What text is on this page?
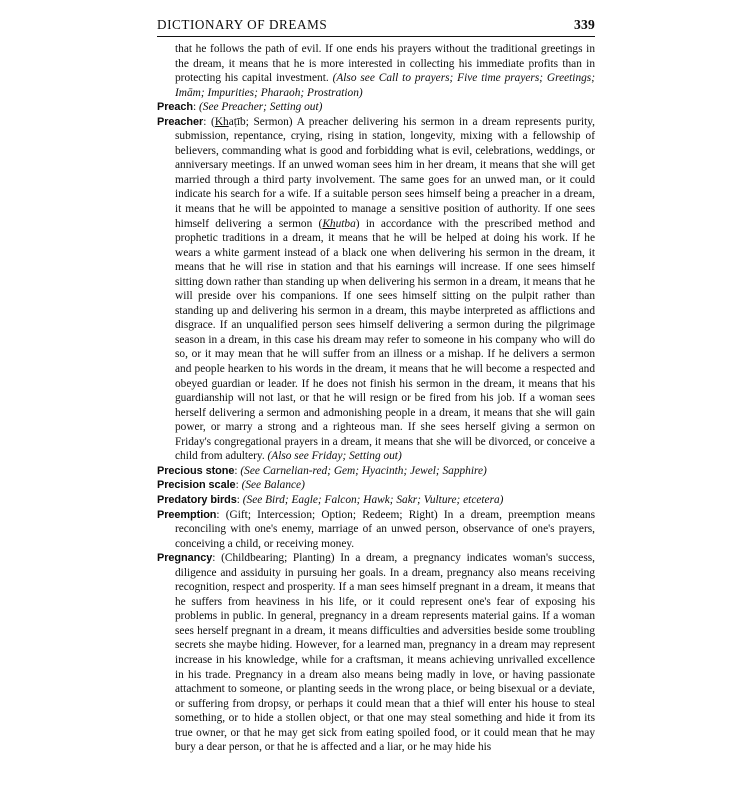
DICTIONARY OF DREAMS	339

that he follows the path of evil. If one ends his prayers without the traditional greetings in the dream, it means that he is more interested in collecting his immediate profits than in protecting his capital investment. (Also see Call to prayers; Five time prayers; Greetings; Imām; Impurities; Pharaoh; Prostration)

Preach: (See Preacher; Setting out)

Preacher: (Khaṭīb; Sermon) A preacher delivering his sermon in a dream represents purity, submission, repentance, crying, rising in station, longevity, mixing with a fellowship of believers, commanding what is good and forbidding what is evil, celebrations, weddings, or anniversary meetings. If an unwed woman sees him in her dream, it means that she will get married through a third party involvement. The same goes for an unwed man, or it could indicate his search for a wife. If a suitable person sees himself being a preacher in a dream, it means that he will be appointed to manage a sensitive position of authority. If one sees himself delivering a sermon (Khutba) in accordance with the prescribed method and prophetic traditions in a dream, it means that he will be helped at doing his work. If he wears a white garment instead of a black one when delivering his sermon in the dream, it means that he will rise in station and that his earnings will increase. If one sees himself sitting down rather than standing up when delivering his sermon in a dream, it means that he will preside over his companions. If one sees himself sitting on the pulpit rather than standing up and delivering his sermon in a dream, this maybe interpreted as afflictions and disgrace. If an unqualified person sees himself delivering a sermon during the pilgrimage season in a dream, in this case his dream may refer to someone in his company who will do so, or it may mean that he will suffer from an illness or a mishap. If he delivers a sermon and people hearken to his words in the dream, it means that he will become a respected and obeyed guardian or leader. If he does not finish his sermon in the dream, it means that his guardianship will not last, or that he will resign or be fired from his job. If a woman sees herself delivering a sermon and admonishing people in a dream, it means that she will gain power, or marry a strong and a righteous man. If she sees herself giving a sermon on Friday's congregational prayers in a dream, it means that she will be divorced, or conceive a child from adultery. (Also see Friday; Setting out)

Precious stone: (See Carnelian-red; Gem; Hyacinth; Jewel; Sapphire)

Precision scale: (See Balance)

Predatory birds: (See Bird; Eagle; Falcon; Hawk; Sakr; Vulture; etcetera)

Preemption: (Gift; Intercession; Option; Redeem; Right) In a dream, preemption means reconciling with one's enemy, marriage of an unwed person, observance of one's prayers, conceiving a child, or receiving money.

Pregnancy: (Childbearing; Planting) In a dream, a pregnancy indicates woman's success, diligence and assiduity in pursuing her goals. In a dream, pregnancy also means receiving recognition, respect and prosperity. If a man sees himself pregnant in a dream, it means that he suffers from heaviness in his life, or it could represent one's fear of exposing his problems in public. In general, pregnancy in a dream represents material gains. If a woman sees herself pregnant in a dream, it means difficulties and adversities beside some troubling secrets she maybe hiding. However, for a learned man, pregnancy in a dream may represent increase in his knowledge, while for a craftsman, it means achieving unrivalled excellence in his trade. Pregnancy in a dream also means being madly in love, or having passionate attachment to someone, or planting seeds in the wrong place, or being bisexual or a deviate, or suffering from dropsy, or perhaps it could mean that a thief will enter his house to steal something, or to hide a stollen object, or that one may steal something and hide it from its true owner, or that he may get sick from eating spoiled food, or it could mean that he may bury a dear person, or that he is affected and a liar, or he may hide his
